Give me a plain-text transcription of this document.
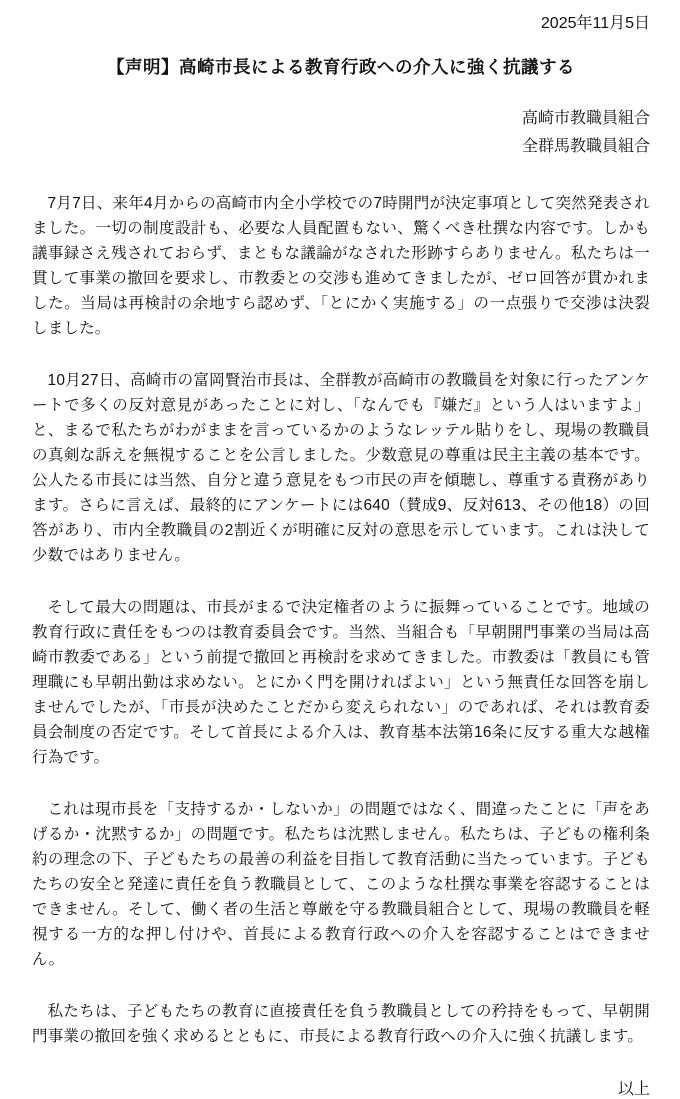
2025年11月5日
【声明】高崎市長による教育行政への介入に強く抗議する
高崎市教職員組合
全群馬教職員組合

7月7日、来年4月からの高崎市内全小学校での7時開門が決定事項として突然発表されました。一切の制度設計も、必要な人員配置もない、驚くべき杜撰な内容です。しかも議事録さえ残されておらず、まともな議論がなされた形跡すらありません。私たちは一貫して事業の撤回を要求し、市教委との交渉も進めてきましたが、ゼロ回答が貫かれました。当局は再検討の余地すら認めず、「とにかく実施する」の一点張りで交渉は決裂しました。

10月27日、高崎市の富岡賢治市長は、全群教が高崎市の教職員を対象に行ったアンケートで多くの反対意見があったことに対し、「なんでも『嫌だ』という人はいますよ」と、まるで私たちがわがままを言っているかのようなレッテル貼りをし、現場の教職員の真剣な訴えを無視することを公言しました。少数意見の尊重は民主主義の基本です。公人たる市長には当然、自分と違う意見をもつ市民の声を傾聴し、尊重する責務があります。さらに言えば、最終的にアンケートには640（賛成9、反対613、その他18）の回答があり、市内全教職員の2割近くが明確に反対の意思を示しています。これは決して少数ではありません。

そして最大の問題は、市長がまるで決定権者のように振舞っていることです。地域の教育行政に責任をもつのは教育委員会です。当然、当組合も「早朝開門事業の当局は高崎市教委である」という前提で撤回と再検討を求めてきました。市教委は「教員にも管理職にも早朝出勤は求めない。とにかく門を開ければよい」という無責任な回答を崩しませんでしたが、「市長が決めたことだから変えられない」のであれば、それは教育委員会制度の否定です。そして首長による介入は、教育基本法第16条に反する重大な越権行為です。

これは現市長を「支持するか・しないか」の問題ではなく、間違ったことに「声をあげるか・沈黙するか」の問題です。私たちは沈黙しません。私たちは、子どもの権利条約の理念の下、子どもたちの最善の利益を目指して教育活動に当たっています。子どもたちの安全と発達に責任を負う教職員として、このような杜撰な事業を容認することはできません。そして、働く者の生活と尊厳を守る教職員組合として、現場の教職員を軽視する一方的な押し付けや、首長による教育行政への介入を容認することはできません。

私たちは、子どもたちの教育に直接責任を負う教職員としての矜持をもって、早朝開門事業の撤回を強く求めるとともに、市長による教育行政への介入に強く抗議します。

以上
